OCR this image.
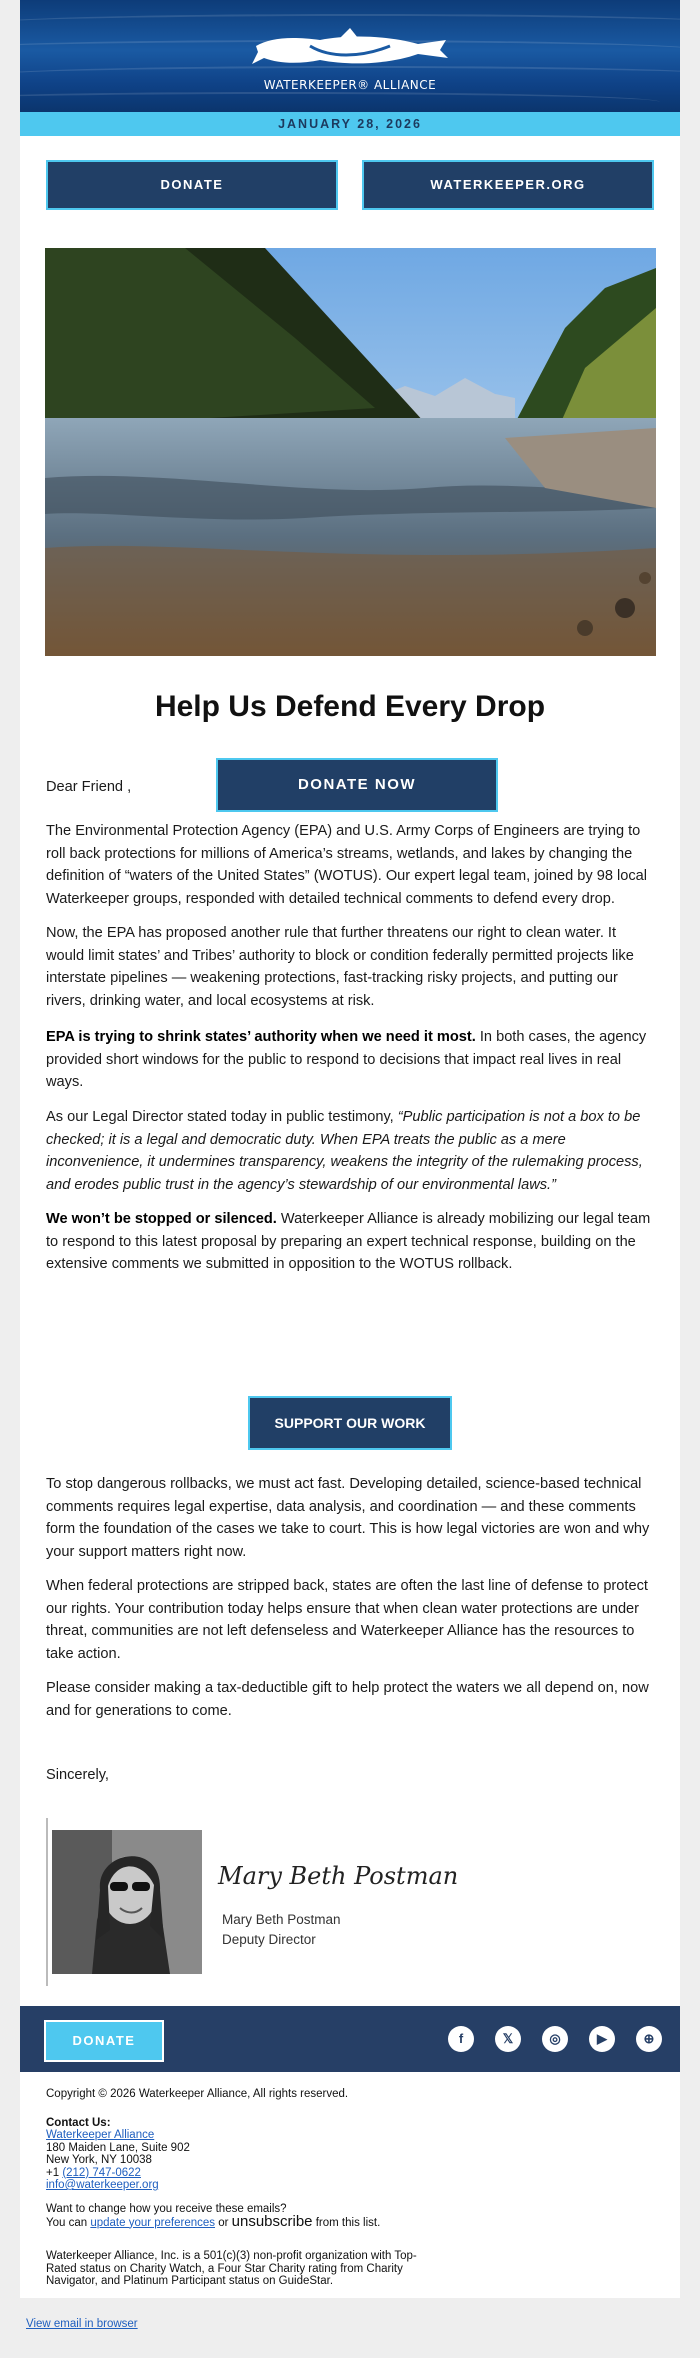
WATERKEEPER® ALLIANCE
JANUARY 28, 2026
DONATE	WATERKEEPER.ORG
Help Us Defend Every Drop
DONATE NOW
Dear Friend ,
The Environmental Protection Agency (EPA) and U.S. Army Corps of Engineers are trying to roll back protections for millions of America’s streams, wetlands, and lakes by changing the definition of “waters of the United States” (WOTUS). Our expert legal team, joined by 98 local Waterkeeper groups, responded with detailed technical comments to defend every drop.
Now, the EPA has proposed another rule that further threatens our right to clean water. It would limit states’ and Tribes’ authority to block or condition federally permitted projects like interstate pipelines — weakening protections, fast-tracking risky projects, and putting our rivers, drinking water, and local ecosystems at risk.
EPA is trying to shrink states’ authority when we need it most. In both cases, the agency provided short windows for the public to respond to decisions that impact real lives in real ways.
As our Legal Director stated today in public testimony, “Public participation is not a box to be checked; it is a legal and democratic duty. When EPA treats the public as a mere inconvenience, it undermines transparency, weakens the integrity of the rulemaking process, and erodes public trust in the agency’s stewardship of our environmental laws.”
We won’t be stopped or silenced. Waterkeeper Alliance is already mobilizing our legal team to respond to this latest proposal by preparing an expert technical response, building on the extensive comments we submitted in opposition to the WOTUS rollback.
SUPPORT OUR WORK
To stop dangerous rollbacks, we must act fast. Developing detailed, science-based technical comments requires legal expertise, data analysis, and coordination — and these comments form the foundation of the cases we take to court. This is how legal victories are won and why your support matters right now.
When federal protections are stripped back, states are often the last line of defense to protect our rights. Your contribution today helps ensure that when clean water protections are under threat, communities are not left defenseless and Waterkeeper Alliance has the resources to take action.
Please consider making a tax-deductible gift to help protect the waters we all depend on, now and for generations to come.
Sincerely,
Mary Beth Postman
Mary Beth Postman
Deputy Director
DONATE	f	𝕏	◎	▶	⊕
Copyright © 2026 Waterkeeper Alliance, All rights reserved.
Contact Us:
Waterkeeper Alliance
180 Maiden Lane, Suite 902
New York, NY 10038
+1 (212) 747-0622
info@waterkeeper.org
Want to change how you receive these emails?
You can update your preferences or unsubscribe from this list.
Waterkeeper Alliance, Inc. is a 501(c)(3) non-profit organization with Top-Rated status on Charity Watch, a Four Star Charity rating from Charity Navigator, and Platinum Participant status on GuideStar.
View email in browser
